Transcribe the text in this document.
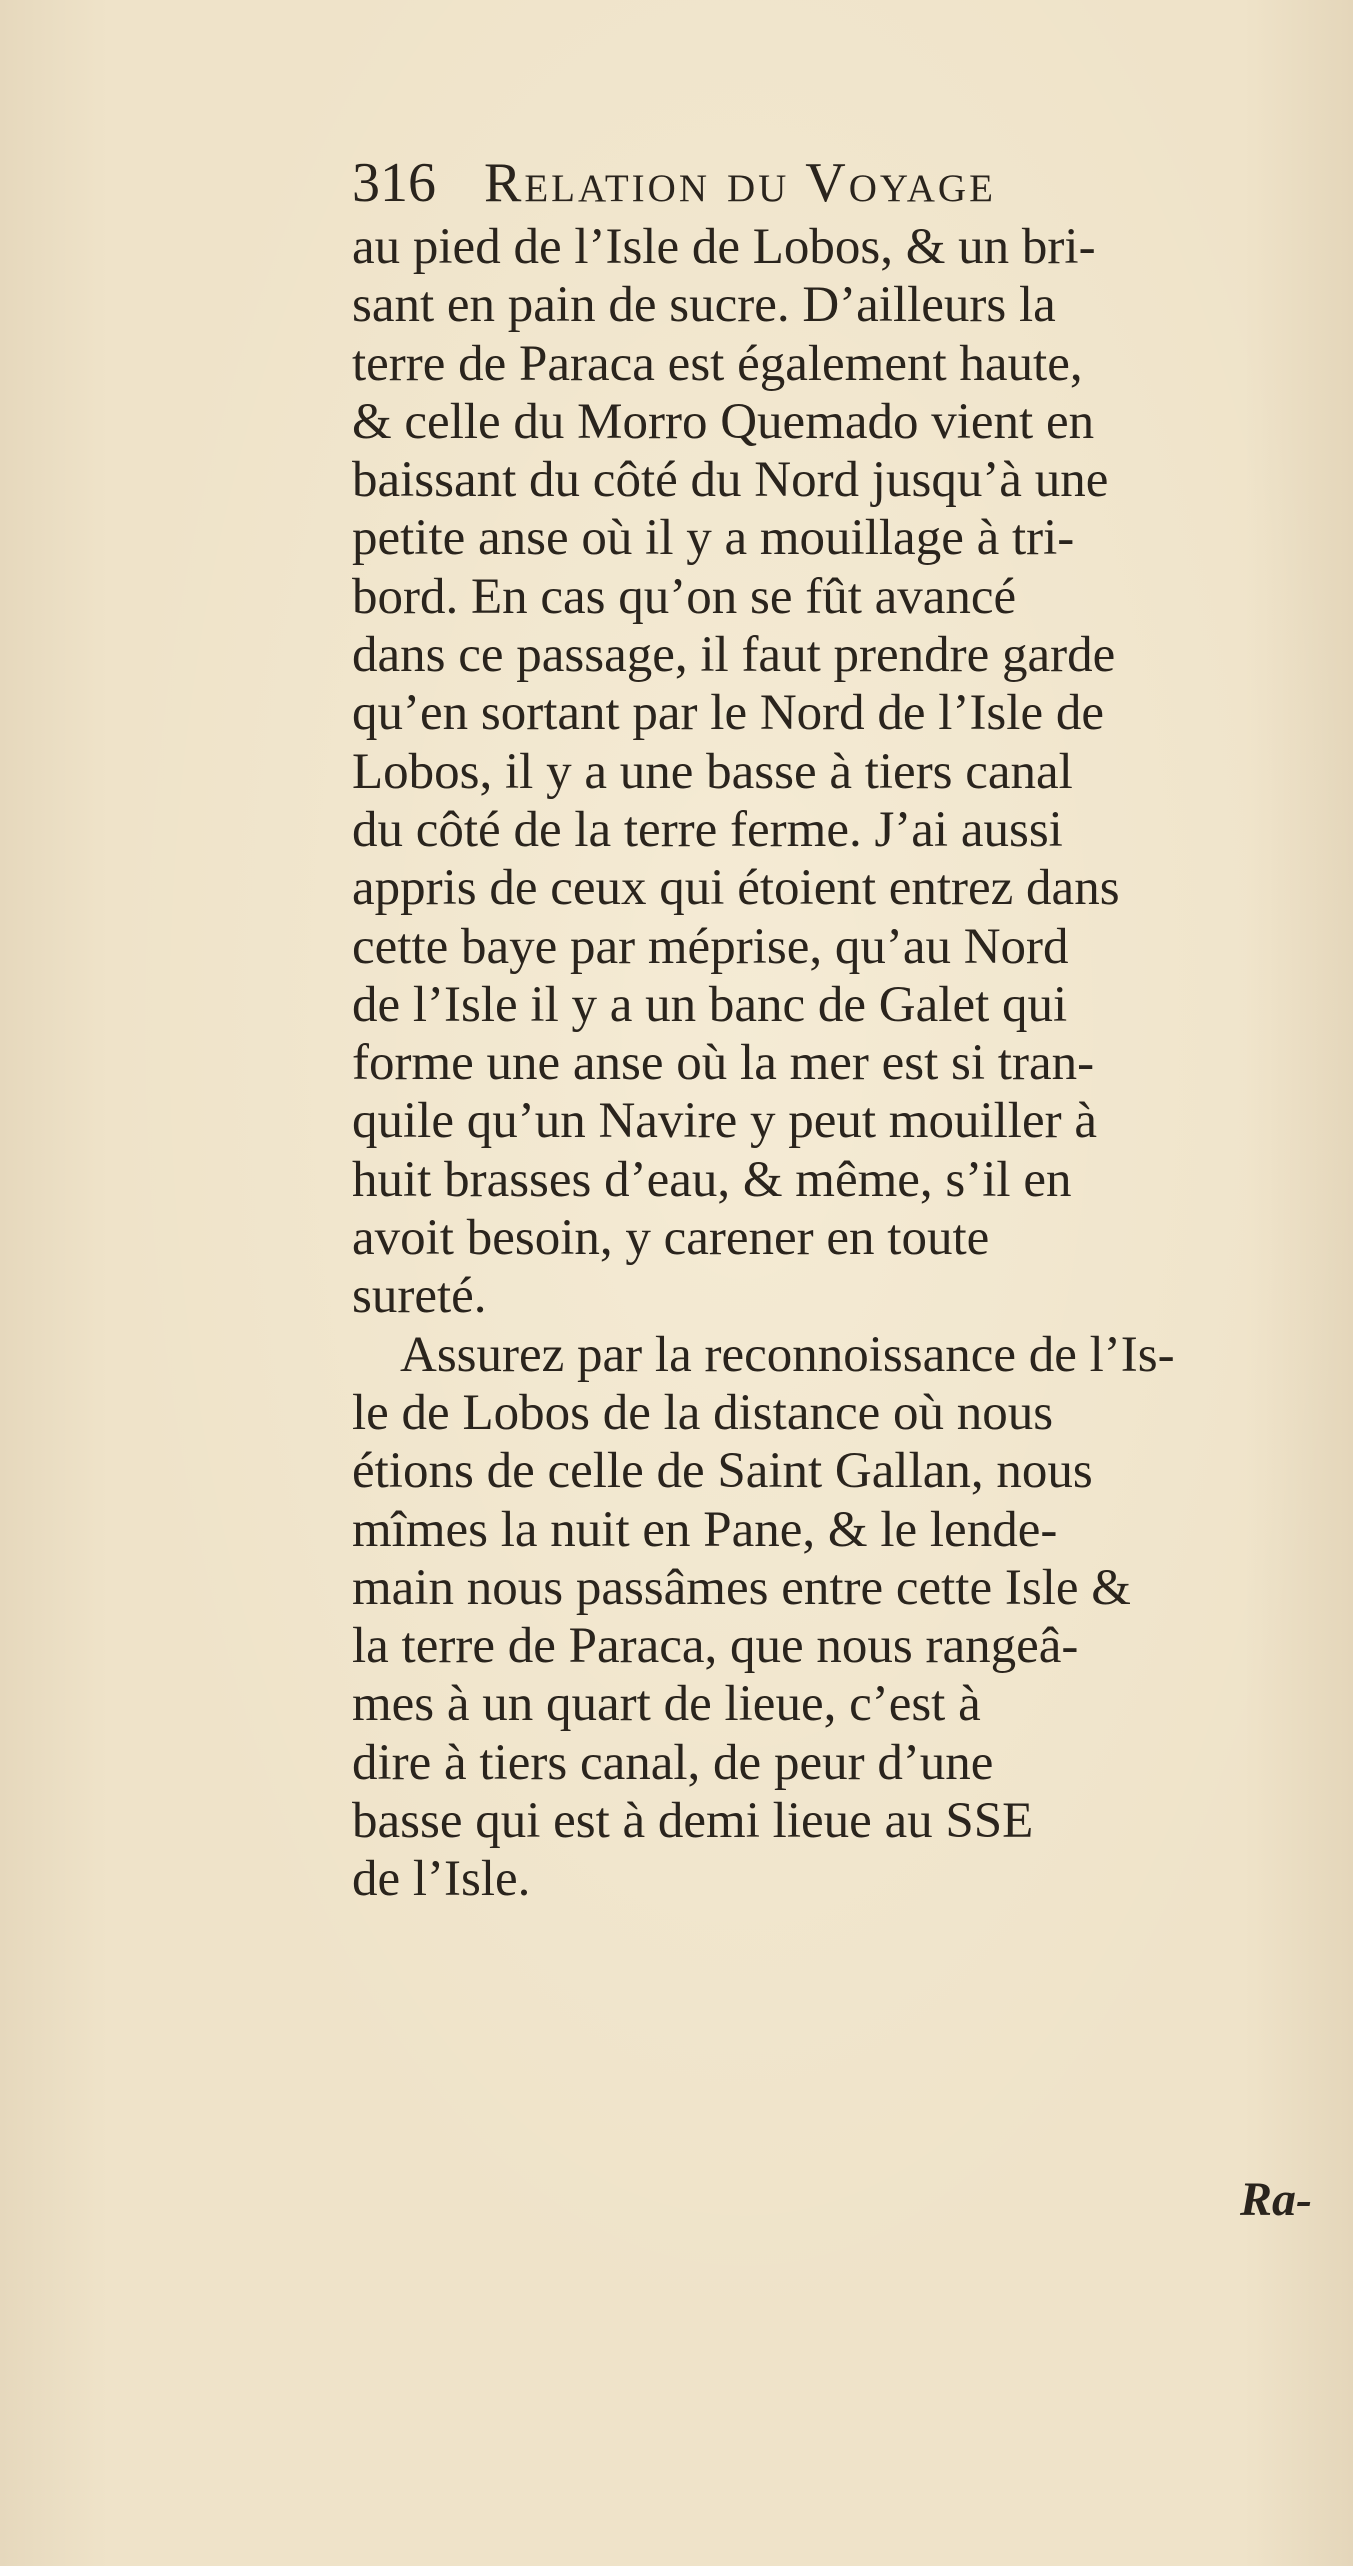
316 Relation du Voyage
au pied de l’Isle de Lobos, & un bri-
sant en pain de sucre. D’ailleurs la
terre de Paraca est également haute,
& celle du Morro Quemado vient en
baissant du côté du Nord jusqu’à une
petite anse où il y a mouillage à tri-
bord. En cas qu’on se fût avancé
dans ce passage, il faut prendre garde
qu’en sortant par le Nord de l’Isle de
Lobos, il y a une basse à tiers canal
du côté de la terre ferme. J’ai aussi
appris de ceux qui étoient entrez dans
cette baye par méprise, qu’au Nord
de l’Isle il y a un banc de Galet qui
forme une anse où la mer est si tran-
quile qu’un Navire y peut mouiller à
huit brasses d’eau, & même, s’il en
avoit besoin, y carener en toute
sureté.
Assurez par la reconnoissance de l’Is-
le de Lobos de la distance où nous
étions de celle de Saint Gallan, nous
mîmes la nuit en Pane, & le lende-
main nous passâmes entre cette Isle &
la terre de Paraca, que nous rangeâ-
mes à un quart de lieue, c’est à
dire à tiers canal, de peur d’une
basse qui est à demi lieue au SSE
de l’Isle.
Ra-
